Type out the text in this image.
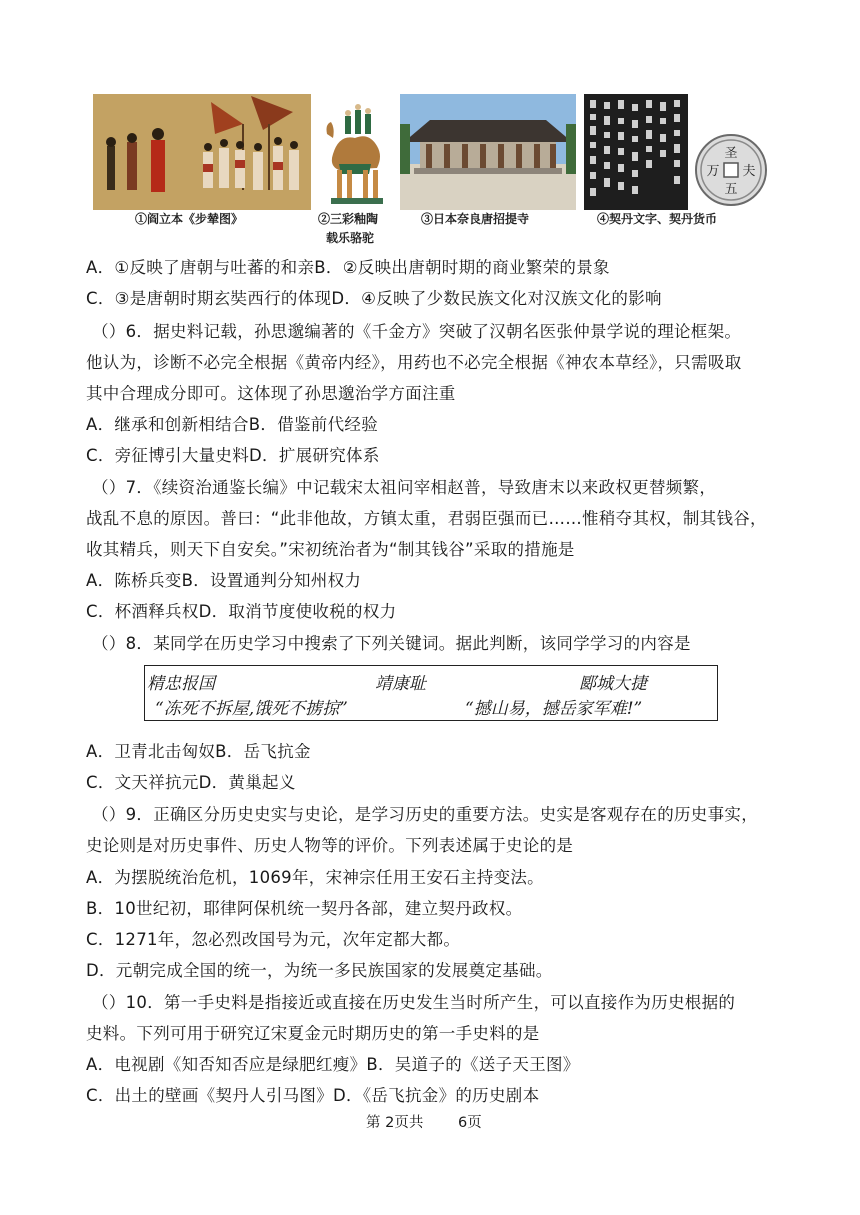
①阎立本《步辇图》	②三彩釉陶
载乐骆驼
③日本奈良唐招提寺
圣
夫
五
万
④契丹文字、契丹货币
A．①反映了唐朝与吐蕃的和亲B．②反映出唐朝时期的商业繁荣的景象
C．③是唐朝时期玄奘西行的体现D．④反映了少数民族文化对汉族文化的影响
（）6．据史料记载，孙思邈编著的《千金方》突破了汉朝名医张仲景学说的理论框架。
他认为，诊断不必完全根据《黄帝内经》，用药也不必完全根据《神农本草经》，只需吸取
其中合理成分即可。这体现了孙思邈治学方面注重
A．继承和创新相结合B．借鉴前代经验
C．旁征博引大量史料D．扩展研究体系
（）7．《续资治通鉴长编》中记载宋太祖问宰相赵普，导致唐末以来政权更替频繁，
战乱不息的原因。普曰：“此非他故，方镇太重，君弱臣强而已……惟稍夺其权，制其钱谷，
收其精兵，则天下自安矣。”宋初统治者为“制其钱谷”采取的措施是
A．陈桥兵变B．设置通判分知州权力
C．杯酒释兵权D．取消节度使收税的权力
（）8．某同学在历史学习中搜索了下列关键词。据此判断，该同学学习的内容是
精忠报国	靖康耻	郾城大捷
“冻死不拆屋,饿死不掳掠”	“撼山易，撼岳家军难!”
A．卫青北击匈奴B．岳飞抗金
C．文天祥抗元D．黄巢起义
（）9．正确区分历史史实与史论，是学习历史的重要方法。史实是客观存在的历史事实，
史论则是对历史事件、历史人物等的评价。下列表述属于史论的是
A．为摆脱统治危机，1069年，宋神宗任用王安石主持变法。
B．10世纪初，耶律阿保机统一契丹各部，建立契丹政权。
C．1271年，忽必烈改国号为元，次年定都大都。
D．元朝完成全国的统一，为统一多民族国家的发展奠定基础。
（）10．第一手史料是指接近或直接在历史发生当时所产生，可以直接作为历史根据的
史料。下列可用于研究辽宋夏金元时期历史的第一手史料的是
A．电视剧《知否知否应是绿肥红瘦》B．吴道子的《送子天王图》
C．出土的壁画《契丹人引马图》D．《岳飞抗金》的历史剧本
第 2页共 6页
